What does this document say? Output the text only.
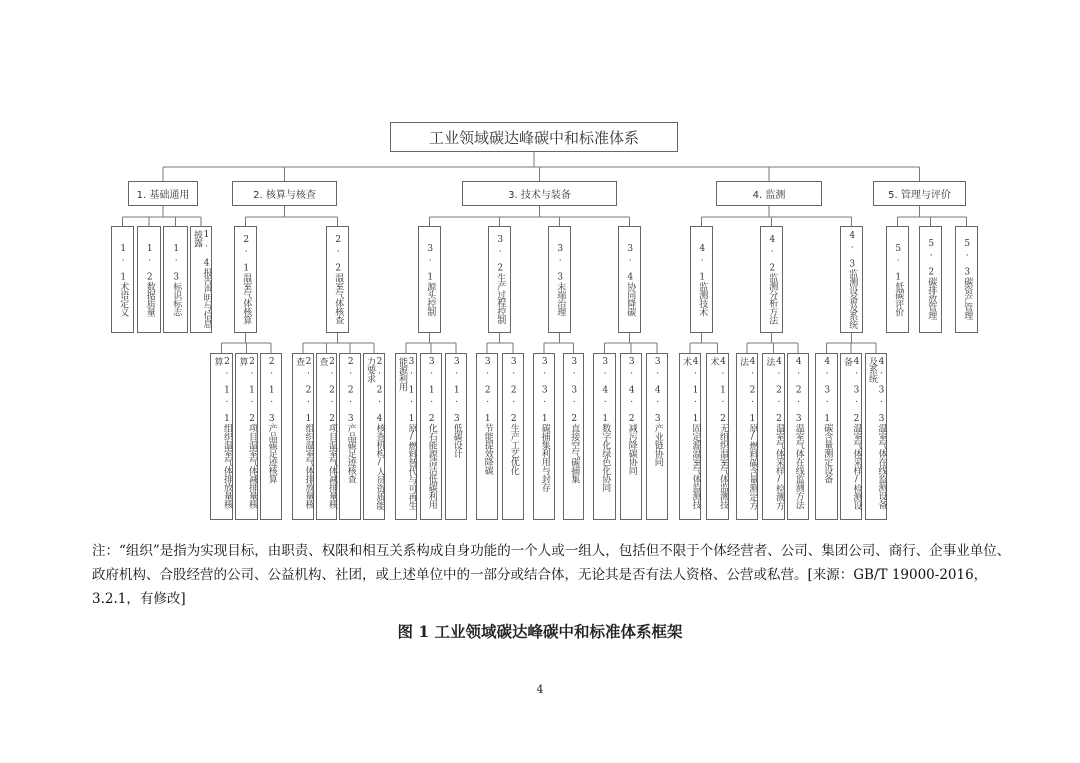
工业领域碳达峰碳中和标准体系
1. 基础通用
1. 1术语定义 1. 2数据质量 1. 3标识标志	1. 4报告声明与信息披露
2. 核算与核查
2. 1温室气体核算
2. 1. 1组织温室气体排放量核算	2. 1. 2项目温室气体减排量核算	2. 1. 3产品碳足迹核算
2. 2温室气体核查
2. 2. 1组织温室气体排放量核查	2. 2. 2项目温室气体减排量核查	2. 2. 3产品碳足迹核查	2. 2. 4核查机构/人员资质能力要求
3. 技术与装备
3. 1源头控制
3. 1. 1原/燃料替代与可再生能源利用	3. 1. 2化石能源清洁低碳利用 3. 1. 3低碳设计
3. 2生产过程控制
3. 2. 1节能提效降碳 3. 2. 2生产工艺优化
3. 3末端治理
3. 3. 1碳捕集利用与封存 3. 3. 2直接空气碳捕集
3. 4协同降碳
3. 4. 1数字化绿色化协同 3. 4. 2减污降碳协同 3. 4. 3产业链协同
4. 监测
4. 1监测技术
4. 1. 1固定源温室气体监测技术	4. 1. 2无组织温室气体监测技术
4. 2监测分析方法
4. 2. 1原/燃料碳含量测定方法	4. 2. 2温室气体采样/检测方法	4. 2. 3温室气体在线监测方法
4. 3监测设备及系统
4. 3. 1碳含量测定设备	4. 3. 2温室气体采样/检测设备	4. 3. 3温室气体在线监测设备及系统
5. 管理与评价
5. 1低碳评价	5. 2碳排放管理	5. 3碳资产管理
注：“组织”是指为实现目标，由职责、权限和相互关系构成自身功能的一个人或一组人，包括但不限于个体经营者、公司、集团公司、商行、企事业单位、政府机构、合股经营的公司、公益机构、社团，或上述单位中的一部分或结合体，无论其是否有法人资格、公营或私营。[来源：GB/T 19000-2016，3.2.1，有修改]
图 1 工业领域碳达峰碳中和标准体系框架
4
